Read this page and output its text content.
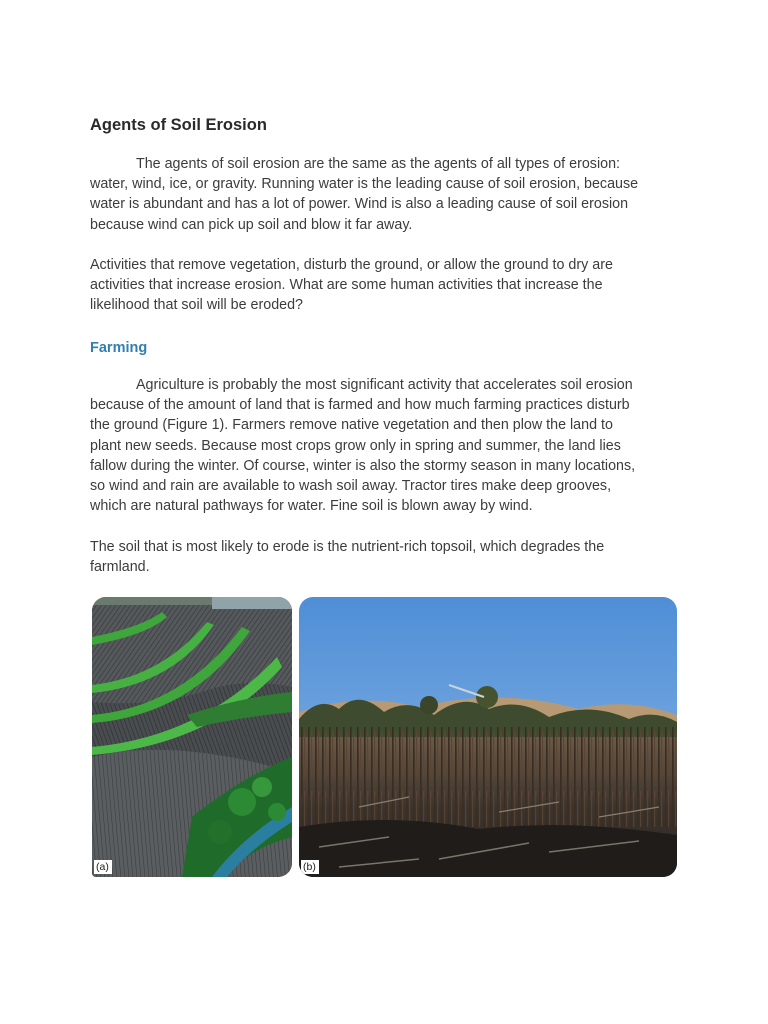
Agents of Soil Erosion

The agents of soil erosion are the same as the agents of all types of erosion:
water, wind, ice, or gravity. Running water is the leading cause of soil erosion, because
water is abundant and has a lot of power. Wind is also a leading cause of soil erosion
because wind can pick up soil and blow it far away.

Activities that remove vegetation, disturb the ground, or allow the ground to dry are
activities that increase erosion. What are some human activities that increase the
likelihood that soil will be eroded?

Farming

Agriculture is probably the most significant activity that accelerates soil erosion
because of the amount of land that is farmed and how much farming practices disturb
the ground (Figure 1). Farmers remove native vegetation and then plow the land to
plant new seeds. Because most crops grow only in spring and summer, the land lies
fallow during the winter. Of course, winter is also the stormy season in many locations,
so wind and rain are available to wash soil away. Tractor tires make deep grooves,
which are natural pathways for water. Fine soil is blown away by wind.

The soil that is most likely to erode is the nutrient-rich topsoil, which degrades the
farmland.

(a)	(b)
